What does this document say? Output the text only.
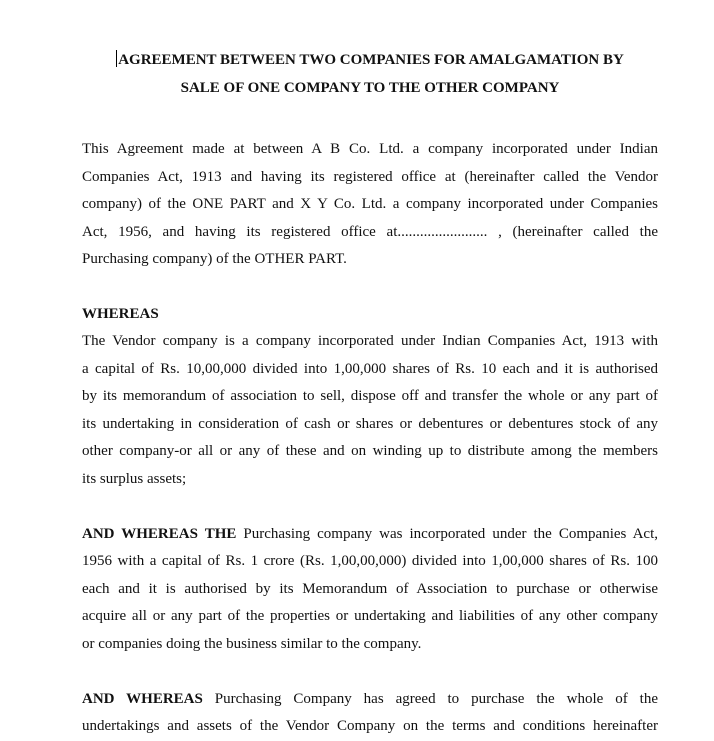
AGREEMENT BETWEEN TWO COMPANIES FOR AMALGAMATION BY
SALE OF ONE COMPANY TO THE OTHER COMPANY
This Agreement made at between A B Co. Ltd. a company incorporated under Indian
Companies Act, 1913 and having its registered office at (hereinafter called the Vendor
company) of the ONE PART and X Y Co. Ltd. a company incorporated under Companies
Act, 1956, and having its registered office at........................ , (hereinafter called the
Purchasing company) of the OTHER PART.
WHEREAS
The Vendor company is a company incorporated under Indian Companies Act, 1913 with
a capital of Rs. 10,00,000 divided into 1,00,000 shares of Rs. 10 each and it is authorised
by its memorandum of association to sell, dispose off and transfer the whole or any part of
its undertaking in consideration of cash or shares or debentures or debentures stock of any
other company-or all or any of these and on winding up to distribute among the members
its surplus assets;
AND WHEREAS THE Purchasing company was incorporated under the Companies Act,
1956 with a capital of Rs. 1 crore (Rs. 1,00,00,000) divided into 1,00,000 shares of Rs. 100
each and it is authorised by its Memorandum of Association to purchase or otherwise
acquire all or any part of the properties or undertaking and liabilities of any other company
or companies doing the business similar to the company.
AND WHEREAS Purchasing Company has agreed to purchase the whole of the
undertakings and assets of the Vendor Company on the terms and conditions hereinafter
